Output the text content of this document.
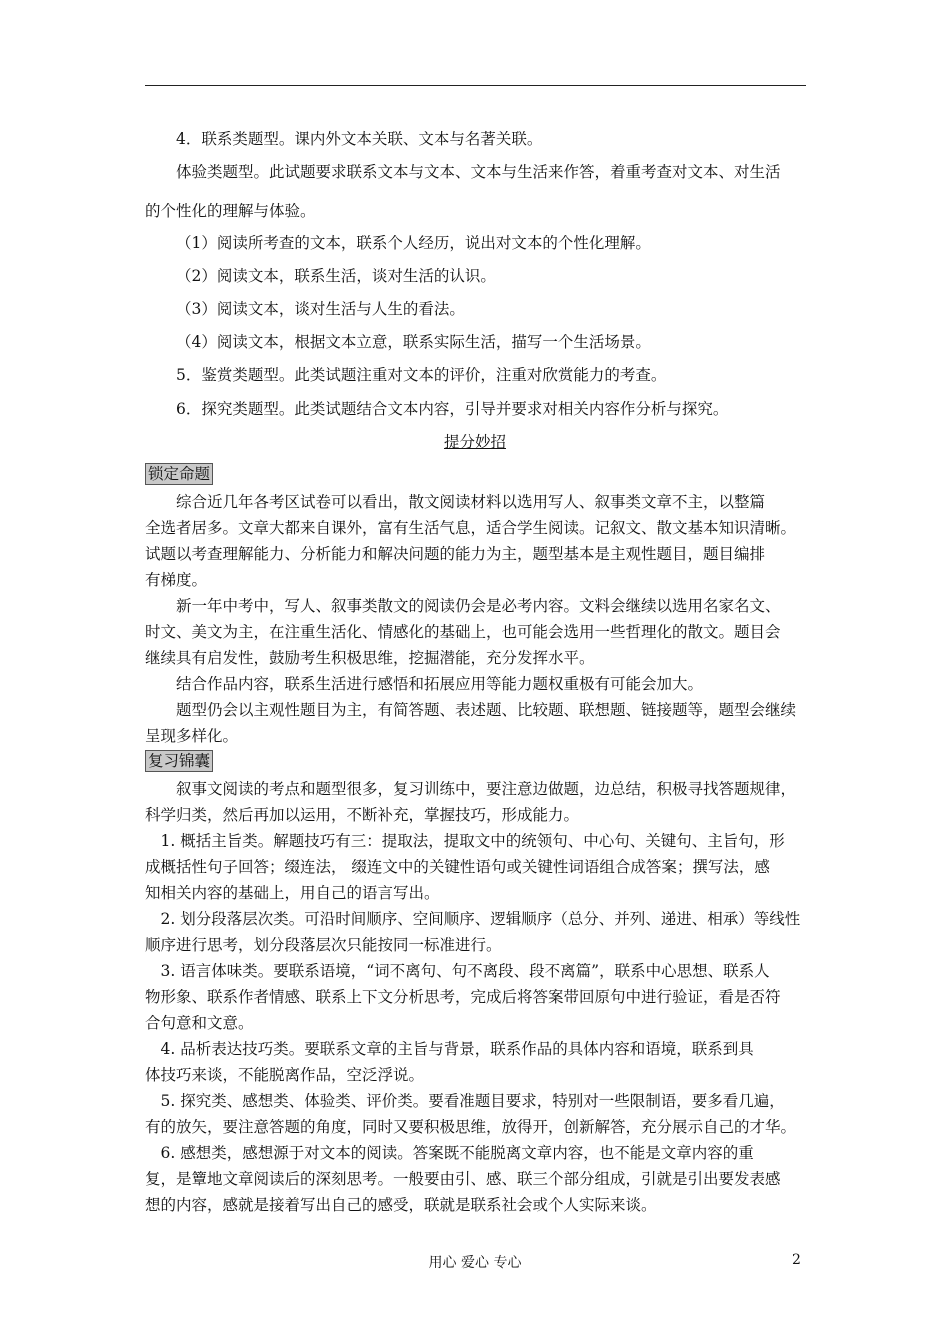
4．联系类题型。课内外文本关联、文本与名著关联。

体验类题型。此试题要求联系文本与文本、文本与生活来作答，着重考查对文本、对生活

的个性化的理解与体验。

（1）阅读所考查的文本，联系个人经历，说出对文本的个性化理解。

（2）阅读文本，联系生活，谈对生活的认识。

（3）阅读文本，谈对生活与人生的看法。

（4）阅读文本，根据文本立意，联系实际生活，描写一个生活场景。

5．鉴赏类题型。此类试题注重对文本的评价，注重对欣赏能力的考查。

6．探究类题型。此类试题结合文本内容，引导并要求对相关内容作分析与探究。

提分妙招
锁定命题
　　综合近几年各考区试卷可以看出，散文阅读材料以选用写人、叙事类文章不主，以整篇
全选者居多。文章大都来自课外，富有生活气息，适合学生阅读。记叙文、散文基本知识清晰。
试题以考查理解能力、分析能力和解决问题的能力为主，题型基本是主观性题目，题目编排
有梯度。
　　新一年中考中，写人、叙事类散文的阅读仍会是必考内容。文料会继续以选用名家名文、
时文、美文为主，在注重生活化、情感化的基础上，也可能会选用一些哲理化的散文。题目会
继续具有启发性，鼓励考生积极思维，挖掘潜能，充分发挥水平。
　　结合作品内容，联系生活进行感悟和拓展应用等能力题权重极有可能会加大。
　　题型仍会以主观性题目为主，有简答题、表述题、比较题、联想题、链接题等，题型会继续
呈现多样化。
复习锦囊
　　叙事文阅读的考点和题型很多，复习训练中，要注意边做题，边总结，积极寻找答题规律，
科学归类，然后再加以运用，不断补充，掌握技巧，形成能力。
　1. 概括主旨类。解题技巧有三：提取法，提取文中的统领句、中心句、关键句、主旨句，形
成概括性句子回答；缀连法， 缀连文中的关键性语句或关键性词语组合成答案；撰写法，感
知相关内容的基础上，用自己的语言写出。
　2. 划分段落层次类。可沿时间顺序、空间顺序、逻辑顺序（总分、并列、递进、相承）等线性
顺序进行思考，划分段落层次只能按同一标准进行。
　3. 语言体味类。要联系语境，“词不离句、句不离段、段不离篇”，联系中心思想、联系人
物形象、联系作者情感、联系上下文分析思考，完成后将答案带回原句中进行验证，看是否符
合句意和文意。
　4. 品析表达技巧类。要联系文章的主旨与背景，联系作品的具体内容和语境，联系到具
体技巧来谈，不能脱离作品，空泛浮说。
　5. 探究类、感想类、体验类、评价类。要看准题目要求，特别对一些限制语，要多看几遍，
有的放矢，要注意答题的角度，同时又要积极思维，放得开，创新解答，充分展示自己的才华。
　6. 感想类，感想源于对文本的阅读。答案既不能脱离文章内容，也不能是文章内容的重
复，是簟地文章阅读后的深刻思考。一般要由引、感、联三个部分组成，引就是引出要发表感
想的内容，感就是接着写出自己的感受，联就是联系社会或个人实际来谈。
用心 爱心 专心	2
